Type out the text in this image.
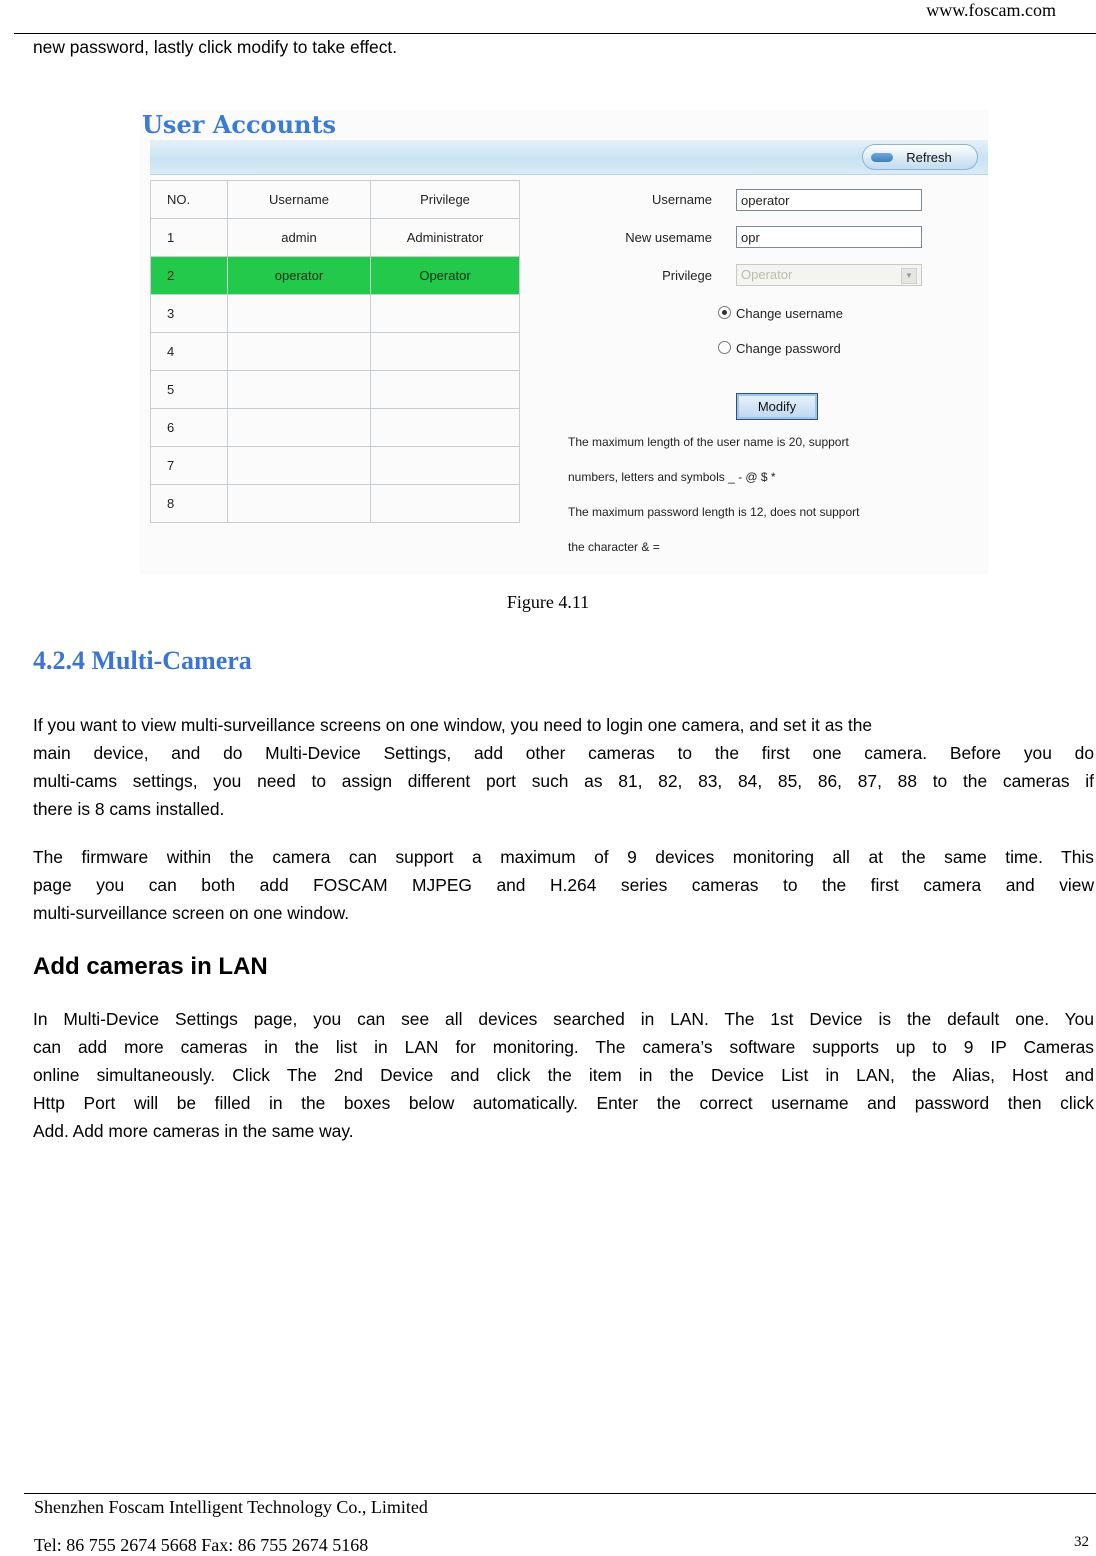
www.foscam.com
new password, lastly click modify to take effect.
User Accounts
Refresh
NO.	Username	Privilege
1	admin	Administrator
2	operator	Operator
3		
4		
5		
6		
7		
8		
Username	operator
New usemame	opr
Privilege	Operator	▼
Change username
Change password
Modify
The maximum length of the user name is 20, support
numbers, letters and symbols _ - @ $ *
The maximum password length is 12, does not support
the character & =
Figure 4.11
4.2.4 Multi-Camera
If you want to view multi-surveillance screens on one window, you need to login one camera, and set it as the
main device, and do Multi-Device Settings, add other cameras to the first one camera. Before you do
multi-cams settings, you need to assign different port such as 81, 82, 83, 84, 85, 86, 87, 88 to the cameras if
there is 8 cams installed.
The firmware within the camera can support a maximum of 9 devices monitoring all at the same time. This
page you can both add FOSCAM MJPEG and H.264 series cameras to the first camera and view
multi-surveillance screen on one window.
Add cameras in LAN
In Multi-Device Settings page, you can see all devices searched in LAN. The 1st Device is the default one. You
can add more cameras in the list in LAN for monitoring. The camera’s software supports up to 9 IP Cameras
online simultaneously. Click The 2nd Device and click the item in the Device List in LAN, the Alias, Host and
Http Port will be filled in the boxes below automatically. Enter the correct username and password then click
Add. Add more cameras in the same way.
Shenzhen Foscam Intelligent Technology Co., Limited
Tel: 86 755 2674 5668 Fax: 86 755 2674 5168	32
